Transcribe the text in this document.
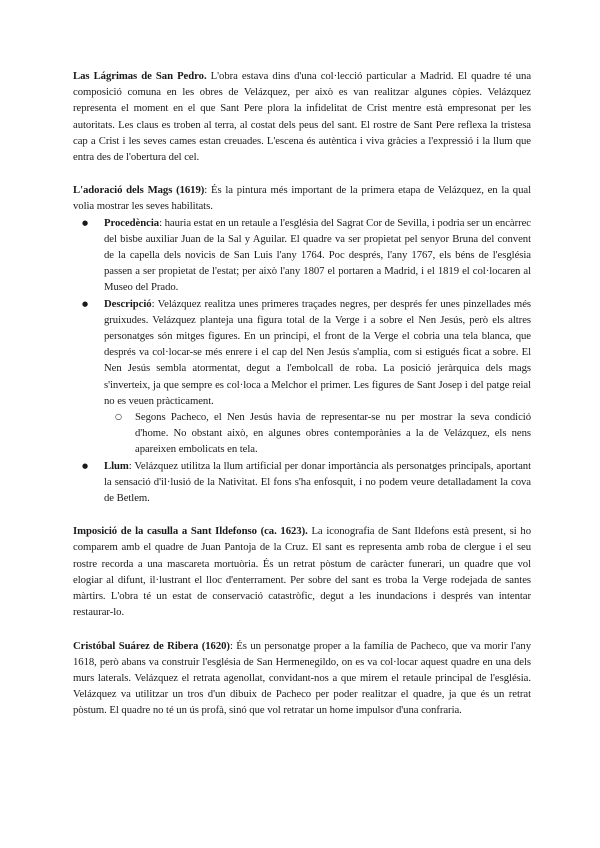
Las Lágrimas de San Pedro. L'obra estava dins d'una col·lecció particular a Madrid. El quadre té una composició comuna en les obres de Velázquez, per això es van realitzar algunes còpies. Velázquez representa el moment en el que Sant Pere plora la infidelitat de Crist mentre està empresonat per les autoritats. Les claus es troben al terra, al costat dels peus del sant. El rostre de Sant Pere reflexa la tristesa cap a Crist i les seves cames estan creuades. L'escena és autèntica i viva gràcies a l'expressió i la llum que entra des de l'obertura del cel.

L'adoració dels Mags (1619): És la pintura més important de la primera etapa de Velázquez, en la qual volia mostrar les seves habilitats.

● Procedència: hauria estat en un retaule a l'església del Sagrat Cor de Sevilla, i podria ser un encàrrec del bisbe auxiliar Juan de la Sal y Aguilar. El quadre va ser propietat pel senyor Bruna del convent de la capella dels novicis de San Luis l'any 1764. Poc després, l'any 1767, els béns de l'església passen a ser propietat de l'estat; per això l'any 1807 el portaren a Madrid, i el 1819 el col·locaren al Museo del Prado.
● Descripció: Velázquez realitza unes primeres traçades negres, per després fer unes pinzellades més gruixudes. Velázquez planteja una figura total de la Verge i a sobre el Nen Jesús, però els altres personatges són mitges figures. En un principi, el front de la Verge el cobria una tela blanca, que després va col·locar-se més enrere i el cap del Nen Jesús s'amplia, com si estigués ficat a sobre. El Nen Jesús sembla atormentat, degut a l'embolcall de roba. La posició jeràrquica dels mags s'inverteix, ja que sempre es col·loca a Melchor el primer. Les figures de Sant Josep i del patge reial no es veuen pràcticament.
○ Segons Pacheco, el Nen Jesús havia de representar-se nu per mostrar la seva condició d'home. No obstant això, en algunes obres contemporànies a la de Velázquez, els nens apareixen embolicats en tela.
● Llum: Velázquez utilitza la llum artificial per donar importància als personatges principals, aportant la sensació d'il·lusió de la Nativitat. El fons s'ha enfosquit, i no podem veure detalladament la cova de Betlem.

Imposició de la casulla a Sant Ildefonso (ca. 1623). La iconografia de Sant Ildefons està present, si ho comparem amb el quadre de Juan Pantoja de la Cruz. El sant es representa amb roba de clergue i el seu rostre recorda a una mascareta mortuòria. És un retrat pòstum de caràcter funerari, un quadre que vol elogiar al difunt, il·lustrant el lloc d'enterrament. Per sobre del sant es troba la Verge rodejada de santes màrtirs. L'obra té un estat de conservació catastròfic, degut a les inundacions i després van intentar restaurar-lo.

Cristóbal Suárez de Ribera (1620): És un personatge proper a la família de Pacheco, que va morir l'any 1618, però abans va construir l'església de San Hermenegildo, on es va col·locar aquest quadre en una dels murs laterals. Velázquez el retrata agenollat, convidant-nos a que mirem el retaule principal de l'església. Velázquez va utilitzar un tros d'un dibuix de Pacheco per poder realitzar el quadre, ja que és un retrat pòstum. El quadre no té un ús profà, sinó que vol retratar un home impulsor d'una confraria.
